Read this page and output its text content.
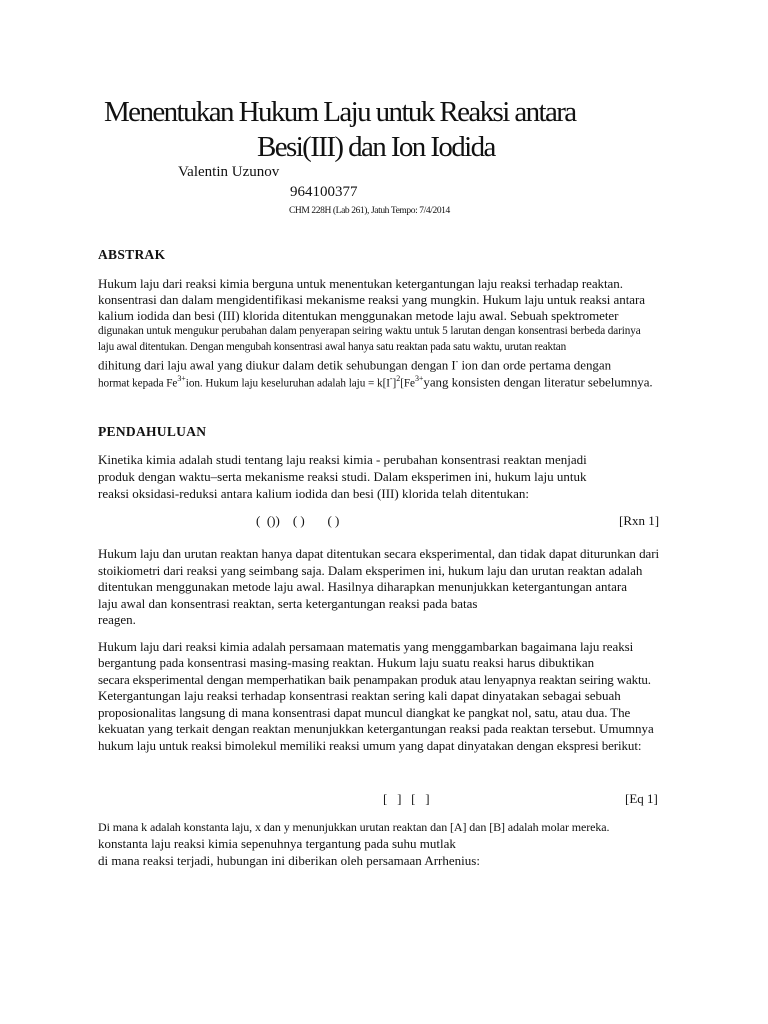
Menentukan Hukum Laju untuk Reaksi antara
Besi(III) dan Ion Iodida
Valentin Uzunov
964100377
CHM 228H (Lab 261), Jatuh Tempo: 7/4/2014
ABSTRAK
Hukum laju dari reaksi kimia berguna untuk menentukan ketergantungan laju reaksi terhadap reaktan.
konsentrasi dan dalam mengidentifikasi mekanisme reaksi yang mungkin. Hukum laju untuk reaksi antara
kalium iodida dan besi (III) klorida ditentukan menggunakan metode laju awal. Sebuah spektrometer
digunakan untuk mengukur perubahan dalam penyerapan seiring waktu untuk 5 larutan dengan konsentrasi berbeda darinya
laju awal ditentukan. Dengan mengubah konsentrasi awal hanya satu reaktan pada satu waktu, urutan reaktan
dihitung dari laju awal yang diukur dalam detik sehubungan dengan I- ion dan orde pertama dengan
hormat kepada $Fe^{3+}ion$. Hukum laju keseluruhan adalah laju = $k[I^-]^2[Fe^{3+}yang$ konsisten dengan literatur sebelumnya.
PENDAHULUAN
Kinetika kimia adalah studi tentang laju reaksi kimia - perubahan konsentrasi reaktan menjadi
produk dengan waktu–serta mekanisme reaksi studi. Dalam eksperimen ini, hukum laju untuk
reaksi oksidasi-reduksi antara kalium iodida dan besi (III) klorida telah ditentukan:
(  ())    ( )       ( )	[Rxn 1]
Hukum laju dan urutan reaktan hanya dapat ditentukan secara eksperimental, dan tidak dapat diturunkan dari
stoikiometri dari reaksi yang seimbang saja. Dalam eksperimen ini, hukum laju dan urutan reaktan adalah
ditentukan menggunakan metode laju awal. Hasilnya diharapkan menunjukkan ketergantungan antara
laju awal dan konsentrasi reaktan, serta ketergantungan reaksi pada batas
reagen.
Hukum laju dari reaksi kimia adalah persamaan matematis yang menggambarkan bagaimana laju reaksi
bergantung pada konsentrasi masing-masing reaktan. Hukum laju suatu reaksi harus dibuktikan
secara eksperimental dengan memperhatikan baik penampakan produk atau lenyapnya reaktan seiring waktu.
Ketergantungan laju reaksi terhadap konsentrasi reaktan sering kali dapat dinyatakan sebagai sebuah
proposionalitas langsung di mana konsentrasi dapat muncul diangkat ke pangkat nol, satu, atau dua. The
kekuatan yang terkait dengan reaktan menunjukkan ketergantungan reaksi pada reaktan tersebut. Umumnya
hukum laju untuk reaksi bimolekul memiliki reaksi umum yang dapat dinyatakan dengan ekspresi berikut:
[   ]   [   ]	[Eq 1]
Di mana k adalah konstanta laju, x dan y menunjukkan urutan reaktan dan [A] dan [B] adalah molar mereka.
konstanta laju reaksi kimia sepenuhnya tergantung pada suhu mutlak
di mana reaksi terjadi, hubungan ini diberikan oleh persamaan Arrhenius:
